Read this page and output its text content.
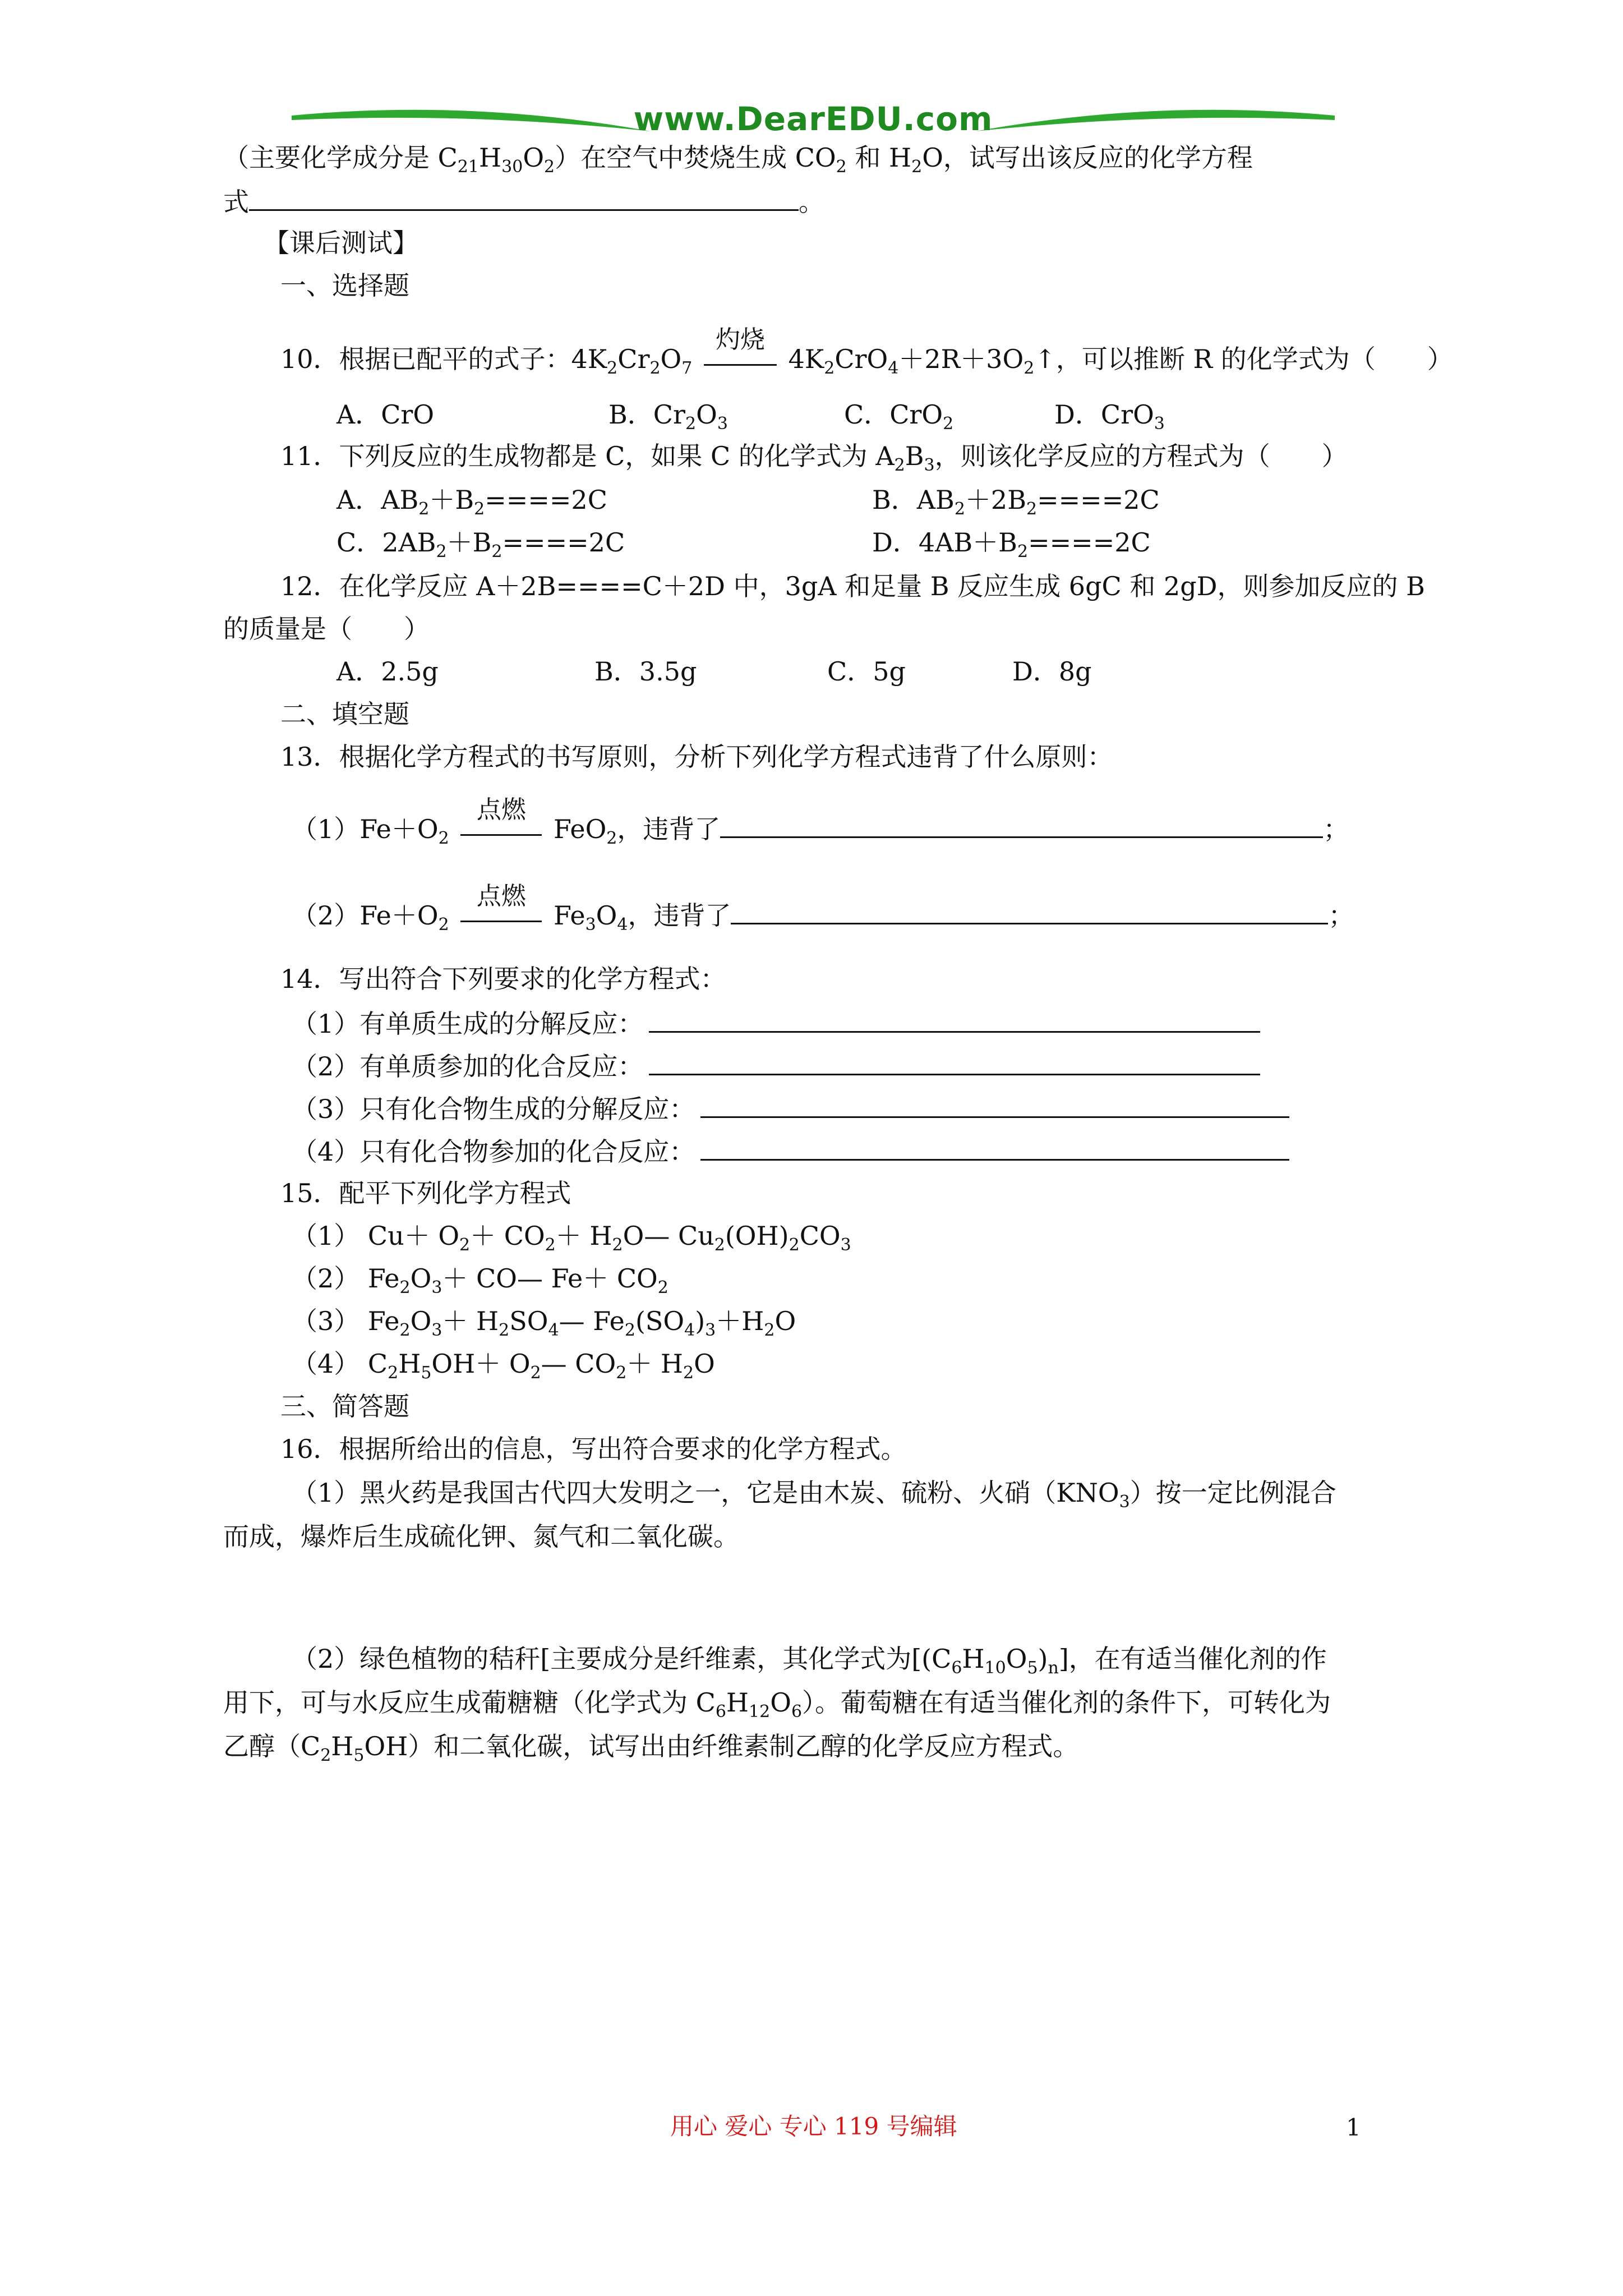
www.DearEDU.com
（主要化学成分是 $C_{21}H_{30}O_2$）在空气中焚烧生成 $CO_2$ 和 $H_2O$，试写出该反应的化学方程
式	。
【课后测试】
一、选择题
10．根据已配平的式子：$4K_2Cr_2O_7$
灼烧
$4K_2CrO_4+2R+3O_2↑$，可以推断 R 的化学式为（　　）
A．CrO	B．$Cr_2O_3$	C．CrO$_2$	D．CrO$_3$
11．下列反应的生成物都是 C，如果 C 的化学式为 $A_2B_3$，则该化学反应的方程式为（　　）
A．$AB_2+B_2====2C$	B．$AB_2+2B_2====2C$
C．$2AB_2+B_2====2C$	D．$4AB+B_2====2C$
12．在化学反应 A＋2B====C＋2D 中，3gA 和足量 B 反应生成 6gC 和 2gD，则参加反应的 B
的质量是（　　）
A．2.5g	B．3.5g	C．5g	D．8g
二、填空题
13．根据化学方程式的书写原则，分析下列化学方程式违背了什么原则：
$(1)Fe+O_2$
点燃
FeO$_2$，违背了	；
$(2)Fe+O_2$
点燃
$Fe_3O_4$，违背了	；
14．写出符合下列要求的化学方程式：
（1）有单质生成的分解反应：
（2）有单质参加的化合反应：
（3）只有化合物生成的分解反应：
（4）只有化合物参加的化合反应：
15．配平下列化学方程式
（1） $Cu+ O_2+ CO_2+$ $H_2O—$ $Cu_2(OH)_2CO_3$
（2） $Fe_2O_3+$ CO— $Fe+ CO_2$
（3） $Fe_2O_3+$ $H_2SO_4—$ $Fe_2(SO_4)_3+H_2O$
（4） $C_2H_5OH+$ $O_2—$ $CO_2+ H_2O$
三、简答题
16．根据所给出的信息，写出符合要求的化学方程式。
（1）黑火药是我国古代四大发明之一，它是由木炭、硫粉、火硝$(KNO_3)$按一定比例混合
而成，爆炸后生成硫化钾、氮气和二氧化碳。
（2）绿色植物的秸秆[主要成分是纤维素，其化学式为$[(C_6H_{10}O_5)_n]$，在有适当催化剂的作
用下，可与水反应生成葡糖糖（化学式为 $C_6H_{12}O_6$）。葡萄糖在有适当催化剂的条件下，可转化为
乙醇$(C_2H_5OH)$和二氧化碳，试写出由纤维素制乙醇的化学反应方程式。
用心 爱心 专心 119 号编辑	1
